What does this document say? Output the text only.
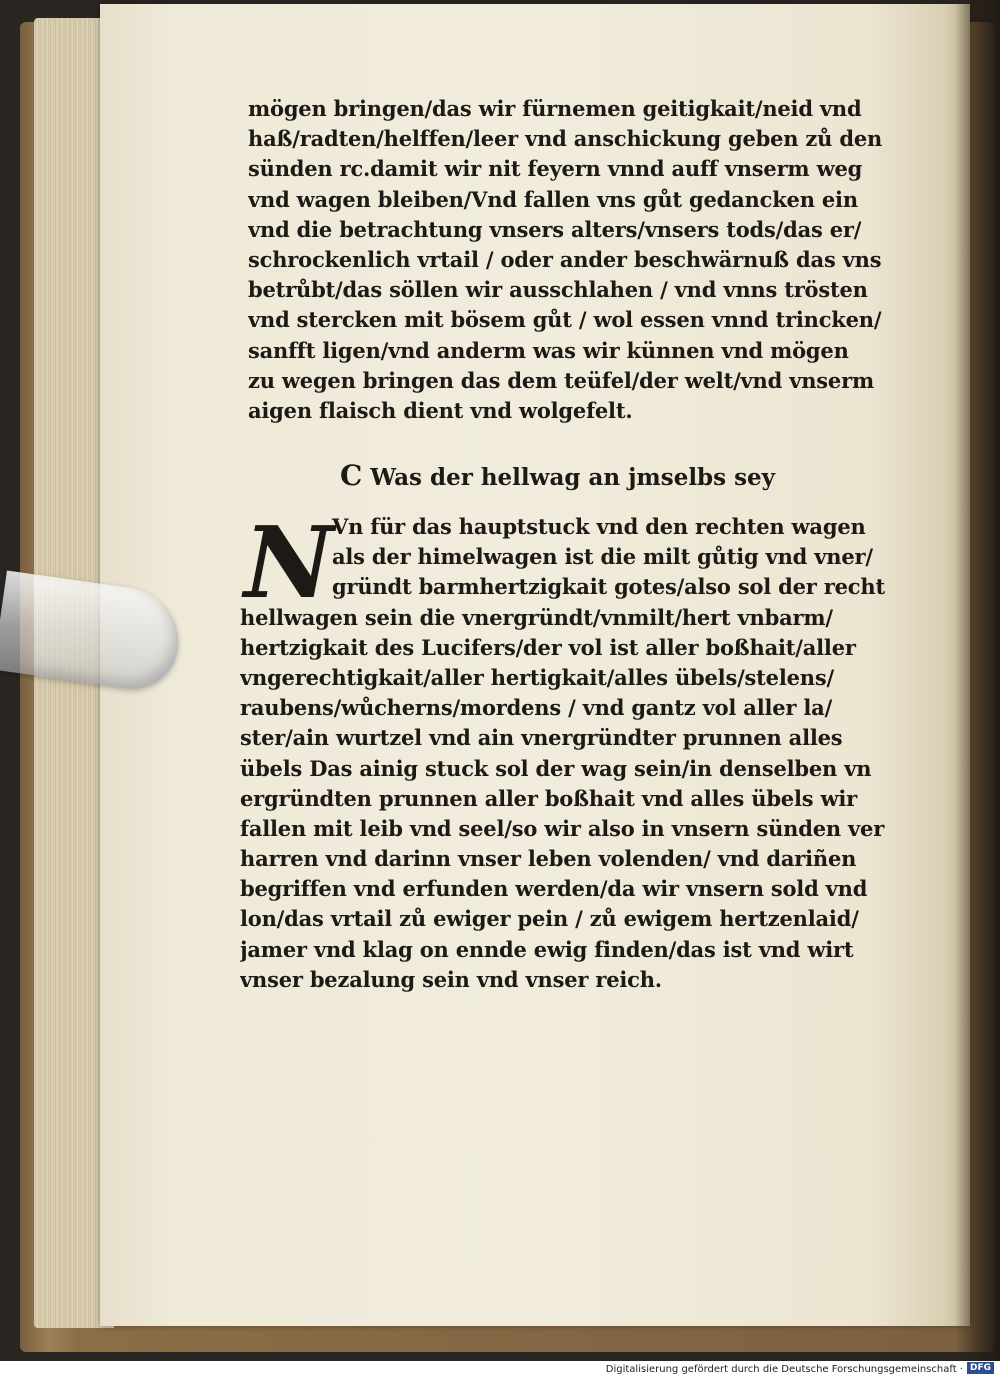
mögen bringen/das wir fürnemen geitigkait/neid vnd
haß/radten/helffen/leer vnd anschickung geben zů den
sünden rc.damit wir nit feyern vnnd auff vnserm weg
vnd wagen bleiben/Vnd fallen vns gůt gedancken ein
vnd die betrachtung vnsers alters/vnsers tods/das er/
schrockenlich vrtail / oder ander beschwärnuß das vns
betrůbt/das söllen wir ausschlahen / vnd vnns trösten
vnd stercken mit bösem gůt / wol essen vnnd trincken/
sanfft ligen/vnd anderm was wir künnen vnd mögen
zu wegen bringen das dem teüfel/der welt/vnd vnserm
aigen flaisch dient vnd wolgefelt.
C Was der hellwag an jmselbs sey
N
Vn für das hauptstuck vnd den rechten wagen
als der himelwagen ist die milt gůtig vnd vner/
gründt barmhertzigkait gotes/also sol der recht
hellwagen sein die vnergründt/vnmilt/hert vnbarm/
hertzigkait des Lucifers/der vol ist aller boßhait/aller
vngerechtigkait/aller hertigkait/alles übels/stelens/
raubens/wůcherns/mordens / vnd gantz vol aller la/
ster/ain wurtzel vnd ain vnergründter prunnen alles
übels Das ainig stuck sol der wag sein/in denselben vn
ergründten prunnen aller boßhait vnd alles übels wir
fallen mit leib vnd seel/so wir also in vnsern sünden ver
harren vnd darinn vnser leben volenden/ vnd dariñen
begriffen vnd erfunden werden/da wir vnsern sold vnd
lon/das vrtail zů ewiger pein / zů ewigem hertzenlaid/
jamer vnd klag on ennde ewig finden/das ist vnd wirt
vnser bezalung sein vnd vnser reich.
Digitalisierung gefördert durch die Deutsche Forschungsgemeinschaft · DFG
